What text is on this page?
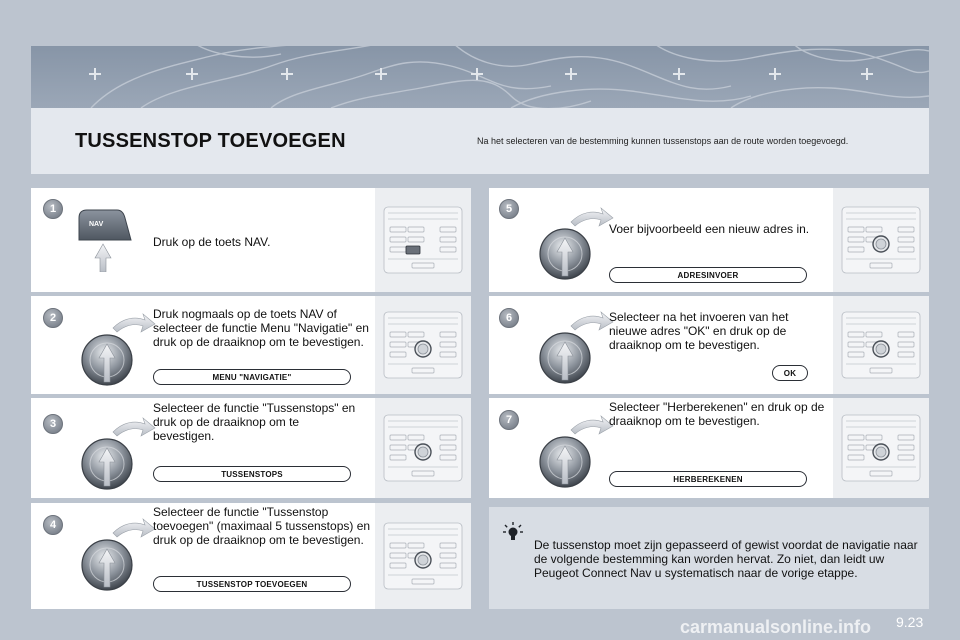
TUSSENSTOP TOEVOEGEN	Na het selecteren van de bestemming kunnen tussenstops aan de route worden toegevoegd.
1
NAV
Druk op de toets NAV.
2	Druk nogmaals op de toets NAV of selecteer de functie Menu "Navigatie" en druk op de draaiknop om te bevestigen.
MENU "NAVIGATIE"
3
Selecteer de functie "Tussenstops" en druk op de draaiknop om te bevestigen.
TUSSENSTOPS
4
Selecteer de functie "Tussenstop toevoegen" (maximaal 5 tussenstops) en druk op de draaiknop om te bevestigen.
TUSSENSTOP TOEVOEGEN
5
Voer bijvoorbeeld een nieuw adres in.
ADRESINVOER
6	Selecteer na het invoeren van het nieuwe adres "OK" en druk op de draaiknop om te bevestigen.
OK
7
Selecteer "Herberekenen" en druk op de draaiknop om te bevestigen.
HERBEREKENEN
De tussenstop moet zijn gepasseerd of gewist voordat de navigatie naar de volgende bestemming kan worden hervat. Zo niet, dan leidt uw Peugeot Connect Nav u systematisch naar de vorige etappe.
carmanualsonline.info 9.23
